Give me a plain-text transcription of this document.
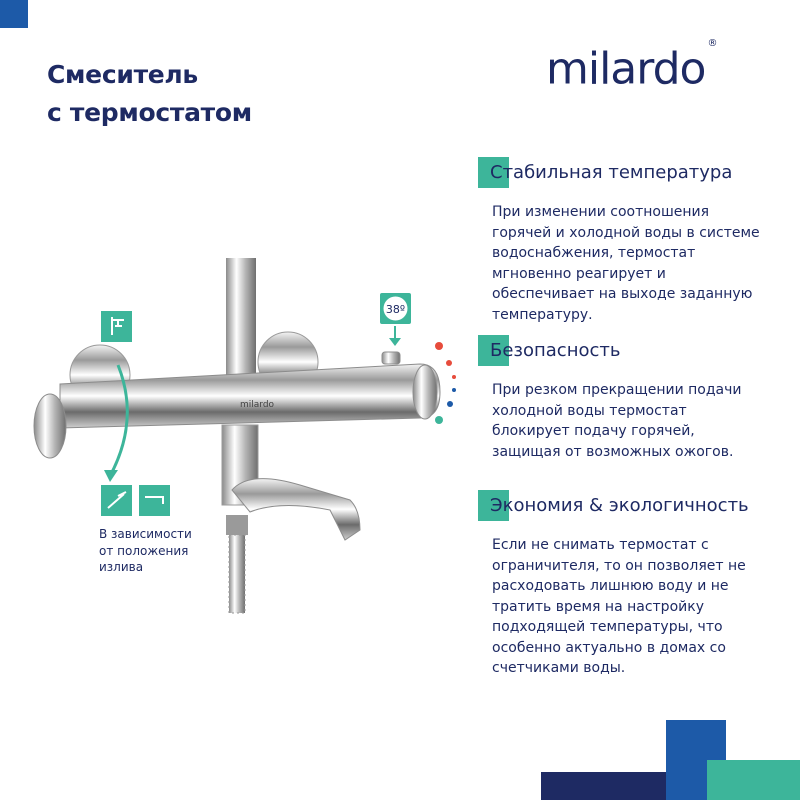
Смеситель
с термостатом
milardo®
Стабильная температура

При изменении соотношения горячей и холодной воды в системе водоснабжения, термостат мгновенно реагирует и обеспечивает на выходе заданную температуру.

Безопасность

При резком прекращении подачи холодной воды термостат блокирует подачу горячей, защищая от возможных ожогов.

Экономия & экологичность

Если не снимать термостат с ограничителя, то он позволяет не расходовать лишнюю воду и не тратить время на настройку подходящей температуры, что особенно актуально в домах со счетчиками воды.

milardo
38º
В зависимости
от положения
излива
